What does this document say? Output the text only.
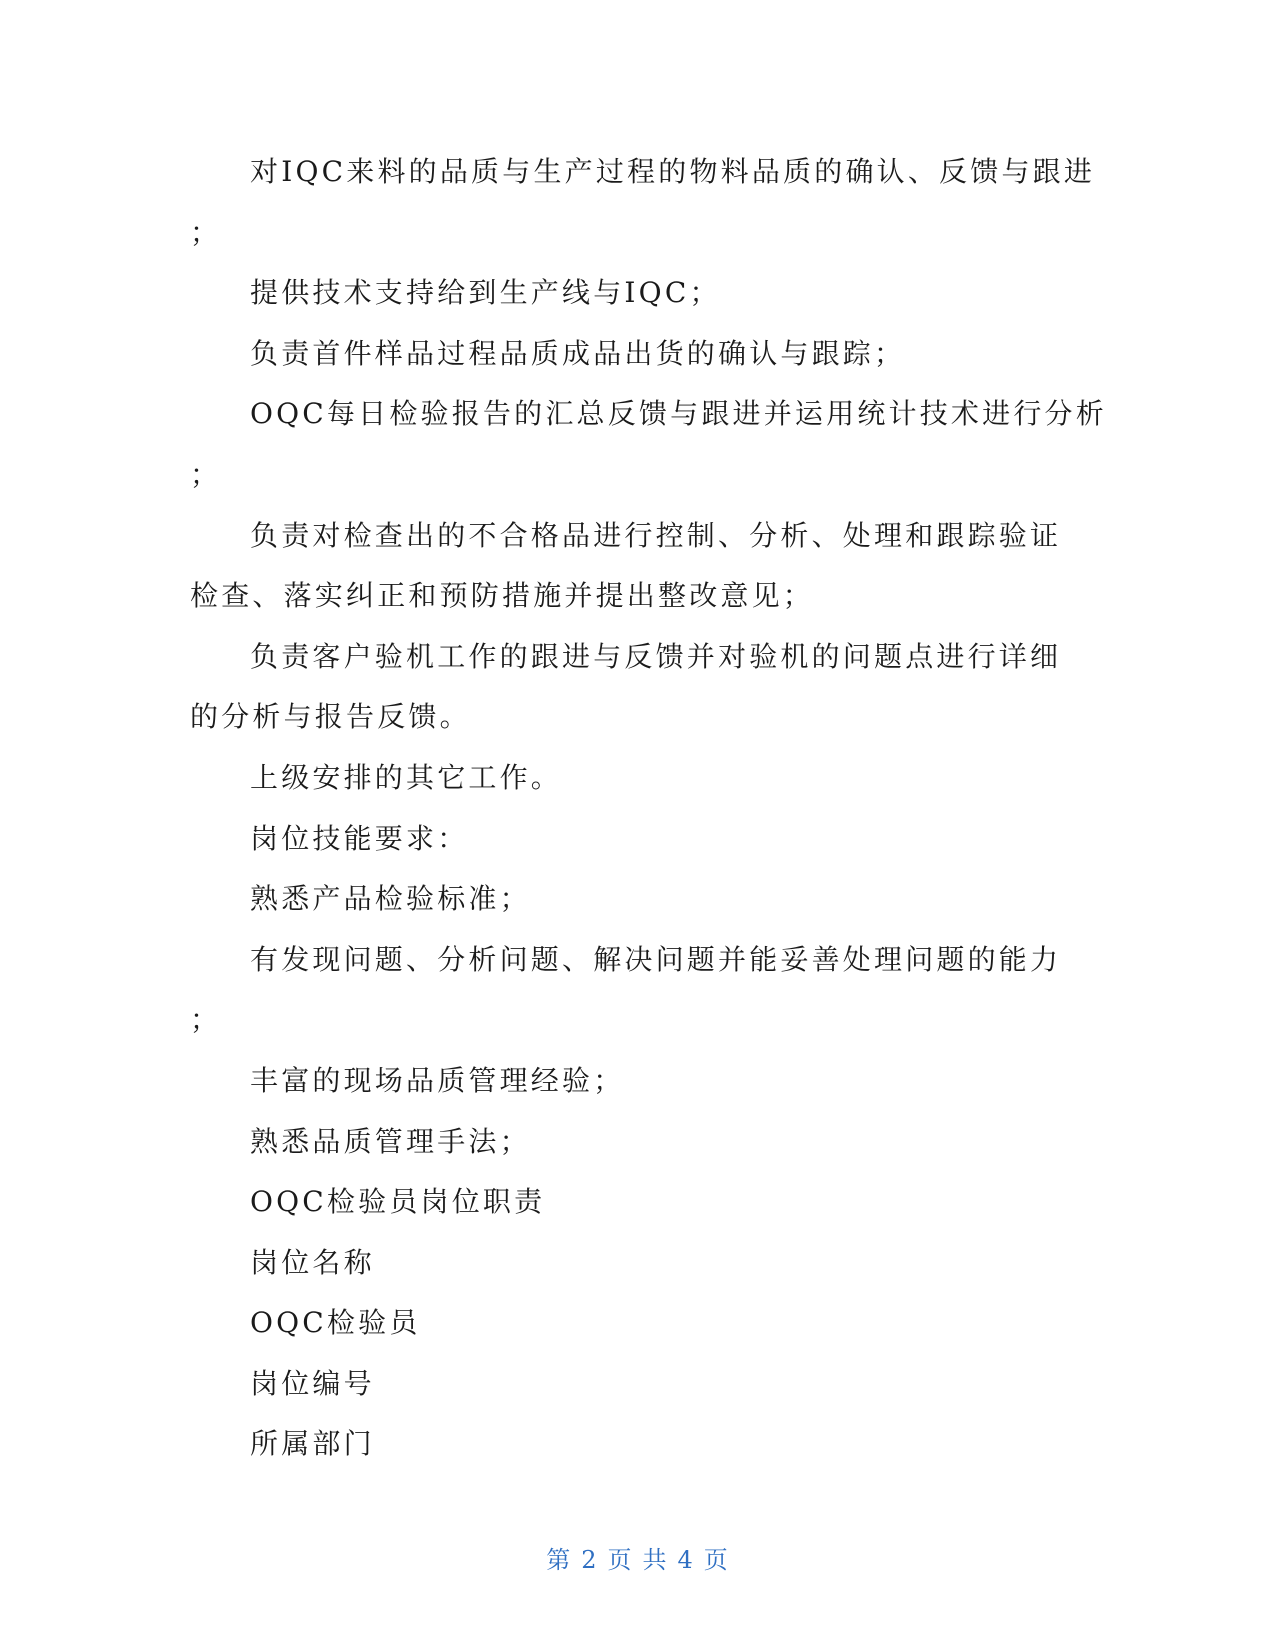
对IQC来料的品质与生产过程的物料品质的确认、反馈与跟进
；
提供技术支持给到生产线与IQC；
负责首件样品过程品质成品出货的确认与跟踪；
OQC每日检验报告的汇总反馈与跟进并运用统计技术进行分析
；
负责对检查出的不合格品进行控制、分析、处理和跟踪验证
检查、落实纠正和预防措施并提出整改意见；
负责客户验机工作的跟进与反馈并对验机的问题点进行详细
的分析与报告反馈。
上级安排的其它工作。
岗位技能要求：
熟悉产品检验标准；
有发现问题、分析问题、解决问题并能妥善处理问题的能力
；
丰富的现场品质管理经验；
熟悉品质管理手法；
OQC检验员岗位职责
岗位名称
OQC检验员
岗位编号
所属部门
第 2 页 共 4 页
